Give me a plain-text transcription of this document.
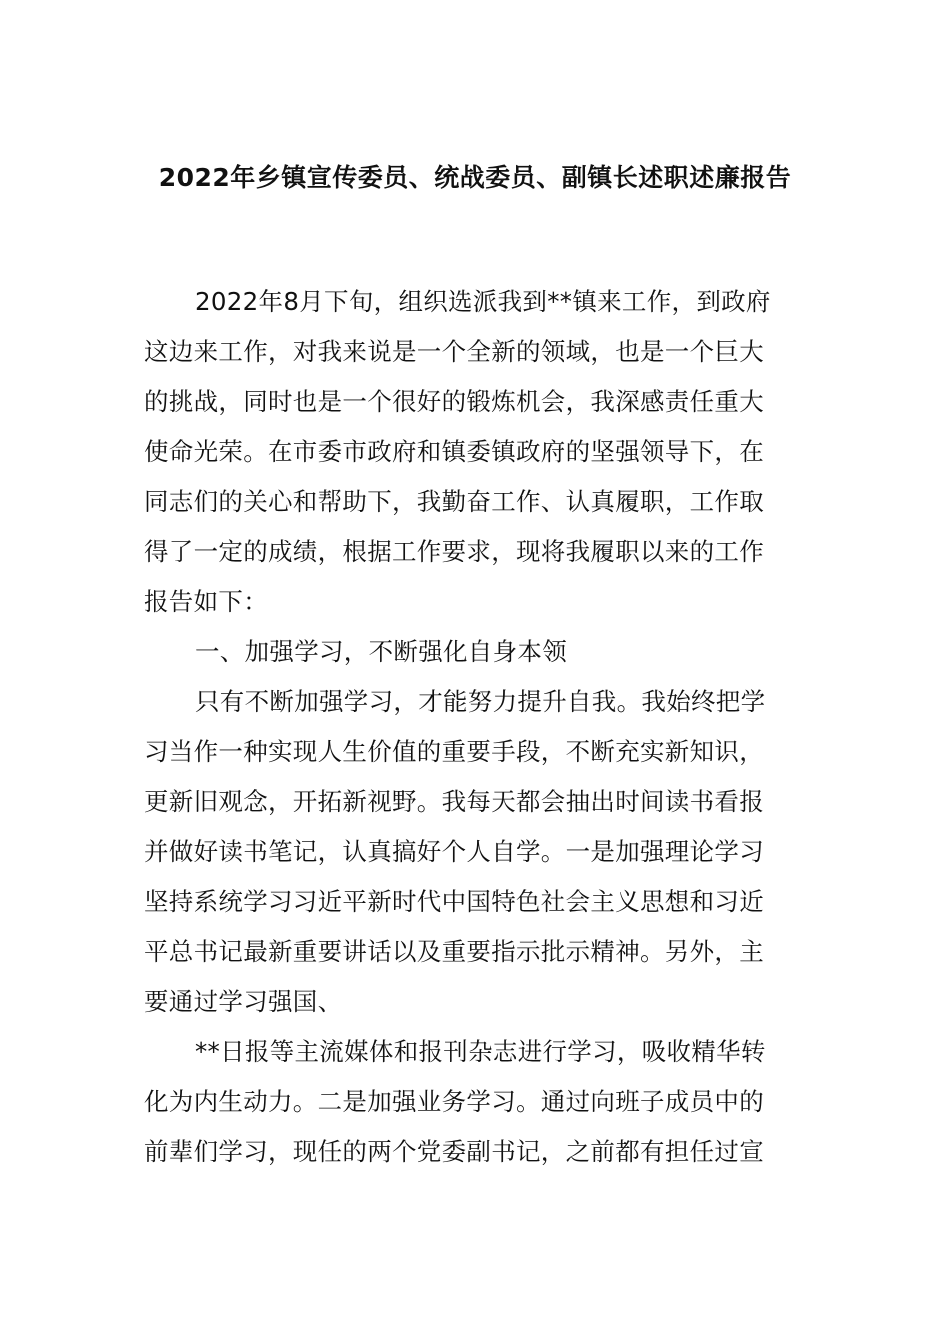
2022年乡镇宣传委员、统战委员、副镇长述职述廉报告
2022年8月下旬，组织选派我到**镇来工作，到政府
这边来工作，对我来说是一个全新的领域，也是一个巨大
的挑战，同时也是一个很好的锻炼机会，我深感责任重大
使命光荣。在市委市政府和镇委镇政府的坚强领导下，在
同志们的关心和帮助下，我勤奋工作、认真履职，工作取
得了一定的成绩，根据工作要求，现将我履职以来的工作
报告如下：
一、加强学习，不断强化自身本领
只有不断加强学习，才能努力提升自我。我始终把学
习当作一种实现人生价值的重要手段，不断充实新知识，
更新旧观念，开拓新视野。我每天都会抽出时间读书看报
并做好读书笔记，认真搞好个人自学。一是加强理论学习
坚持系统学习习近平新时代中国特色社会主义思想和习近
平总书记最新重要讲话以及重要指示批示精神。另外，主
要通过学习强国、
**日报等主流媒体和报刊杂志进行学习，吸收精华转
化为内生动力。二是加强业务学习。通过向班子成员中的
前辈们学习，现任的两个党委副书记，之前都有担任过宣
